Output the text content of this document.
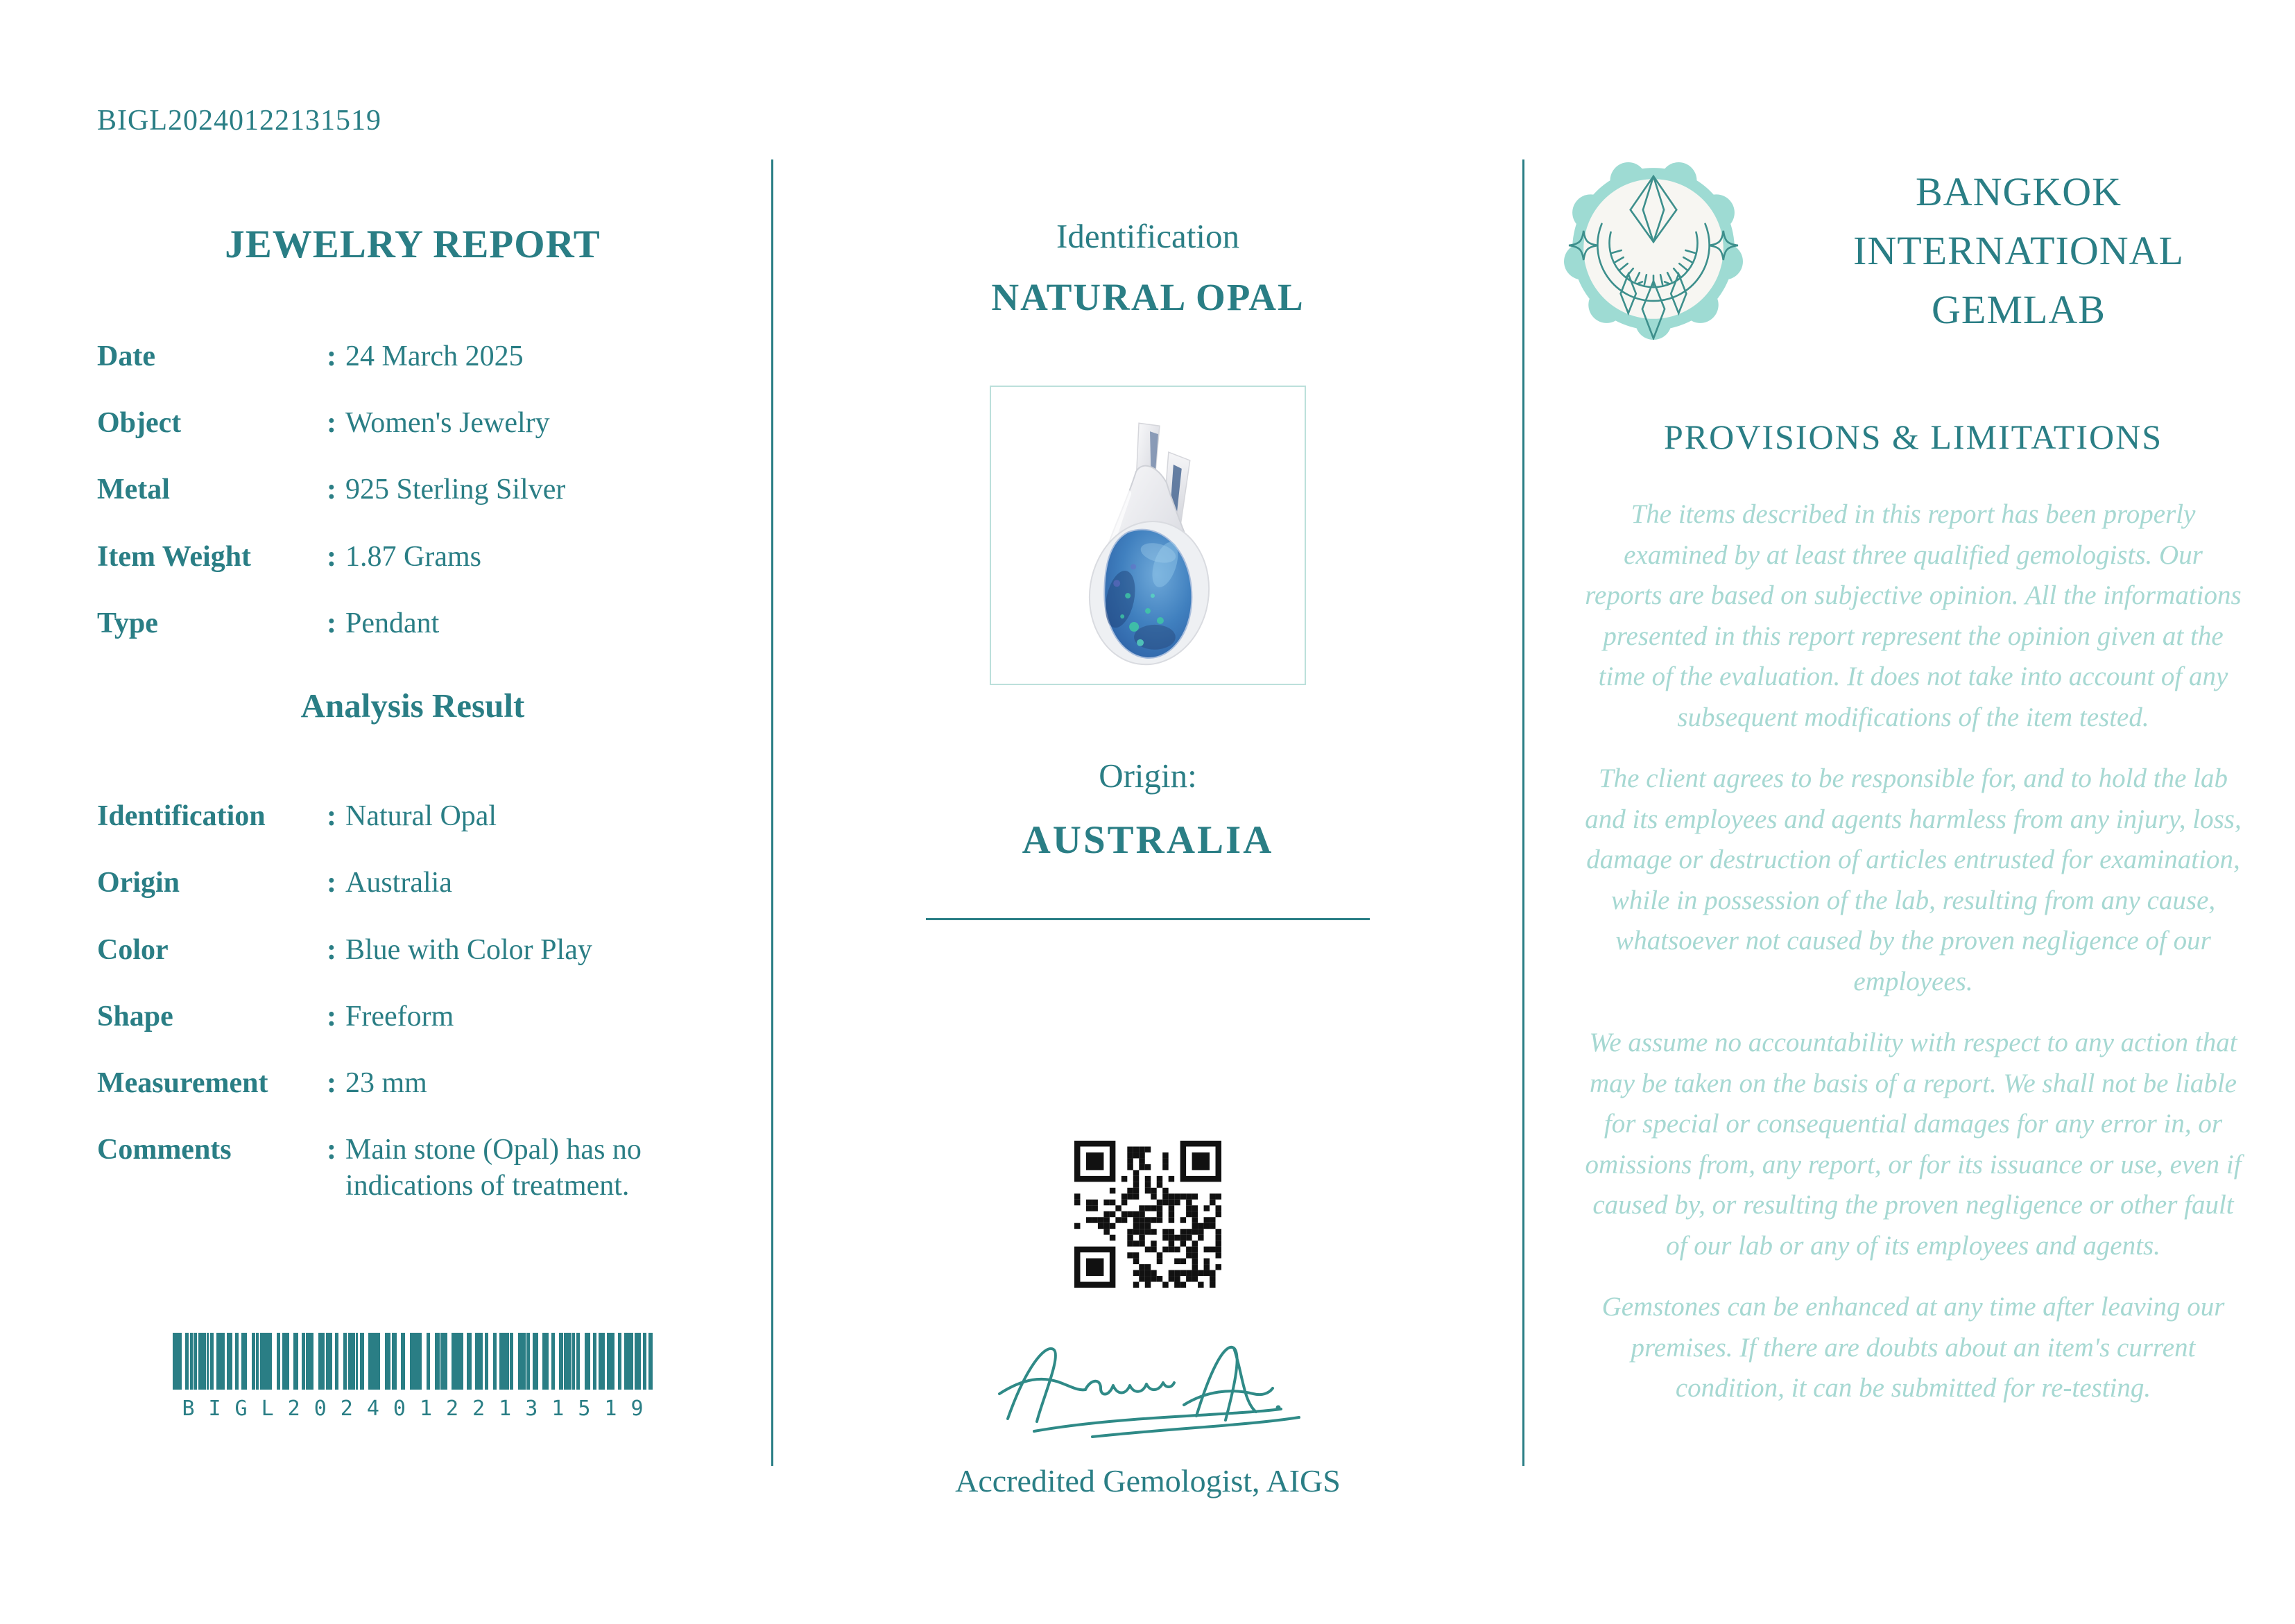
BIGL20240122131519
JEWELRY REPORT
Date	: 24 March 2025
Object	: Women's Jewelry
Metal	: 925 Sterling Silver
Item Weight	: 1.87 Grams
Type	: Pendant
Analysis Result
Identification	: Natural Opal
Origin	: Australia
Color	: Blue with Color Play
Shape	: Freeform
Measurement	: 23 mm
Comments	: Main stone (Opal) has no indications of treatment.
BIGL20240122131519
Identification
NATURAL OPAL
Origin:
AUSTRALIA
Accredited Gemologist, AIGS
BANGKOK
INTERNATIONAL
GEMLAB
PROVISIONS & LIMITATIONS

The items described in this report has been properly examined by at least three qualified gemologists. Our reports are based on subjective opinion. All the informations presented in this report represent the opinion given at the time of the evaluation. It does not take into account of any subsequent modifications of the item tested.

The client agrees to be responsible for, and to hold the lab and its employees and agents harmless from any injury, loss, damage or destruction of articles entrusted for examination, while in possession of the lab, resulting from any cause, whatsoever not caused by the proven negligence of our employees.

We assume no accountability with respect to any action that may be taken on the basis of a report. We shall not be liable for special or consequential damages for any error in, or omissions from, any report, or for its issuance or use, even if caused by, or resulting the proven negligence or other fault of our lab or any of its employees and agents.

Gemstones can be enhanced at any time after leaving our premises. If there are doubts about an item's current condition, it can be submitted for re-testing.
